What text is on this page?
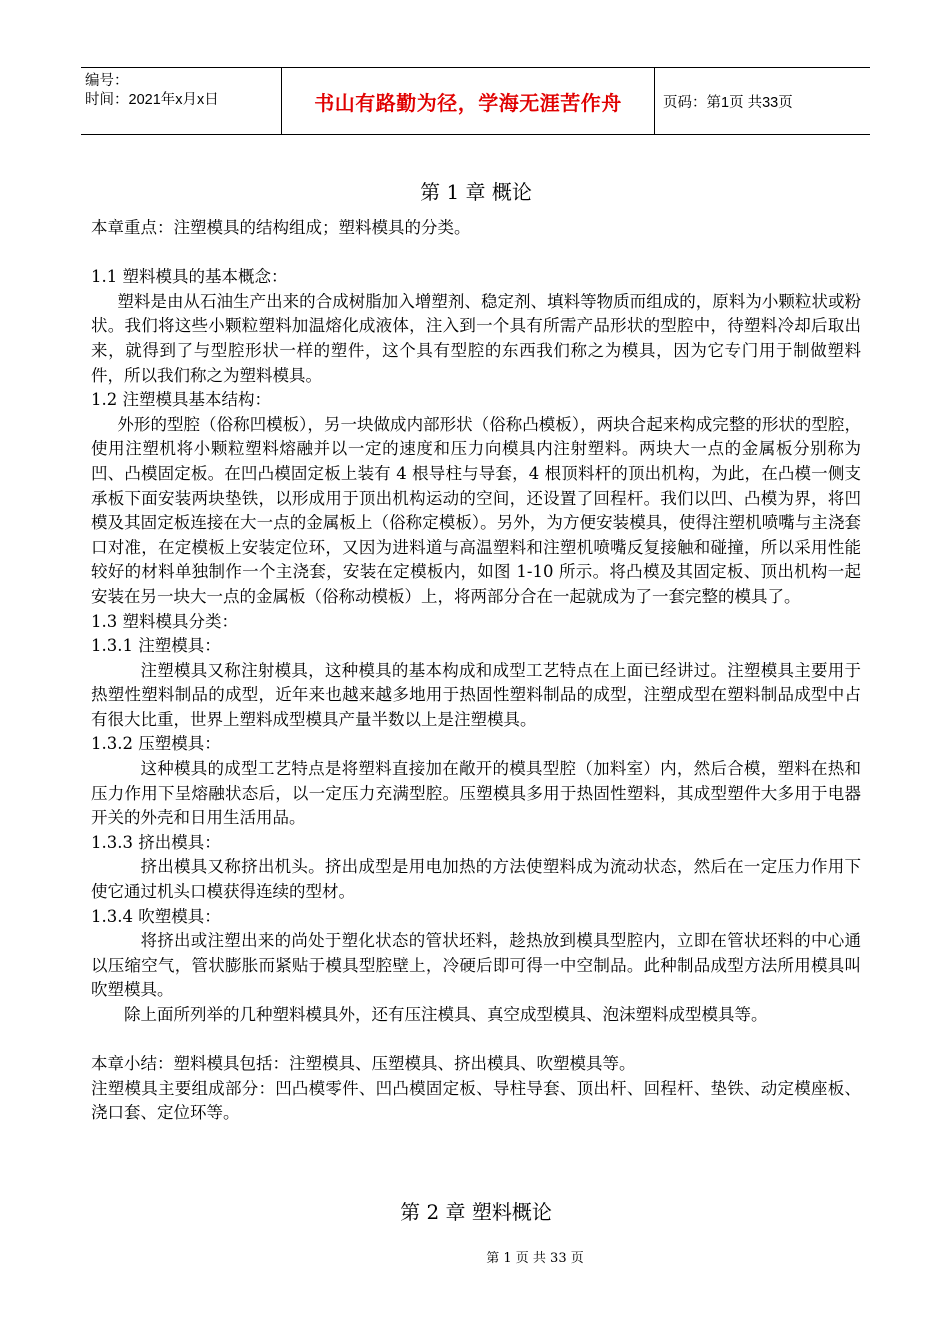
编号：
时间：2021年x月x日	书山有路勤为径，学海无涯苦作舟	页码：第1页 共33页

第 1 章 概论

本章重点：注塑模具的结构组成；塑料模具的分类。

1.1 塑料模具的基本概念：

塑料是由从石油生产出来的合成树脂加入增塑剂、稳定剂、填料等物质而组成的，原料为小颗粒状或粉状。我们将这些小颗粒塑料加温熔化成液体，注入到一个具有所需产品形状的型腔中，待塑料冷却后取出来，就得到了与型腔形状一样的塑件，这个具有型腔的东西我们称之为模具，因为它专门用于制做塑料件，所以我们称之为塑料模具。

1.2 注塑模具基本结构：

外形的型腔（俗称凹模板），另一块做成内部形状（俗称凸模板），两块合起来构成完整的形状的型腔，使用注塑机将小颗粒塑料熔融并以一定的速度和压力向模具内注射塑料。两块大一点的金属板分别称为凹、凸模固定板。在凹凸模固定板上装有 4 根导柱与导套，4 根顶料杆的顶出机构，为此，在凸模一侧支承板下面安装两块垫铁，以形成用于顶出机构运动的空间，还设置了回程杆。我们以凹、凸模为界，将凹模及其固定板连接在大一点的金属板上（俗称定模板）。另外，为方便安装模具，使得注塑机喷嘴与主浇套口对准，在定模板上安装定位环，又因为进料道与高温塑料和注塑机喷嘴反复接触和碰撞，所以采用性能较好的材料单独制作一个主浇套，安装在定模板内，如图 1-10 所示。将凸模及其固定板、顶出机构一起安装在另一块大一点的金属板（俗称动模板）上，将两部分合在一起就成为了一套完整的模具了。

1.3 塑料模具分类：

1.3.1 注塑模具：

注塑模具又称注射模具，这种模具的基本构成和成型工艺特点在上面已经讲过。注塑模具主要用于热塑性塑料制品的成型，近年来也越来越多地用于热固性塑料制品的成型，注塑成型在塑料制品成型中占有很大比重，世界上塑料成型模具产量半数以上是注塑模具。

1.3.2 压塑模具：

这种模具的成型工艺特点是将塑料直接加在敞开的模具型腔（加料室）内，然后合模，塑料在热和压力作用下呈熔融状态后，以一定压力充满型腔。压塑模具多用于热固性塑料，其成型塑件大多用于电器开关的外壳和日用生活用品。

1.3.3 挤出模具：

挤出模具又称挤出机头。挤出成型是用电加热的方法使塑料成为流动状态，然后在一定压力作用下使它通过机头口模获得连续的型材。

1.3.4 吹塑模具：

将挤出或注塑出来的尚处于塑化状态的管状坯料，趁热放到模具型腔内，立即在管状坯料的中心通以压缩空气，管状膨胀而紧贴于模具型腔壁上，冷硬后即可得一中空制品。此种制品成型方法所用模具叫吹塑模具。

除上面所列举的几种塑料模具外，还有压注模具、真空成型模具、泡沫塑料成型模具等。

本章小结：塑料模具包括：注塑模具、压塑模具、挤出模具、吹塑模具等。

注塑模具主要组成部分：凹凸模零件、凹凸模固定板、导柱导套、顶出杆、回程杆、垫铁、动定模座板、浇口套、定位环等。

第 2 章 塑料概论
第 1 页 共 33 页
